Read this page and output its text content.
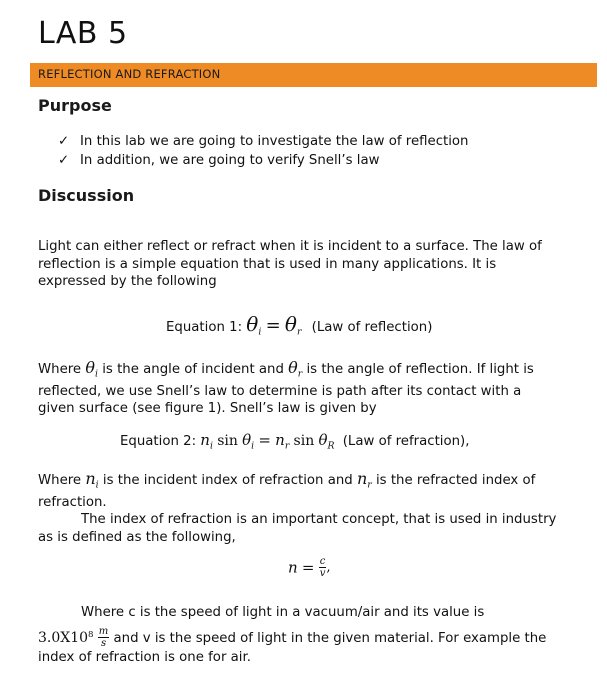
LAB 5
REFLECTION AND REFRACTION
Purpose
✓ In this lab we are going to investigate the law of reflection
✓ In addition, we are going to verify Snell’s law
Discussion
Light can either reflect or refract when it is incident to a surface. The law of
reflection is a simple equation that is used in many applications. It is
expressed by the following
Equation 1: $\theta_i = \theta_r$ (Law of reflection)
Where $\theta_i$ is the angle of incident and $\theta_r$ is the angle of reflection. If light is
reflected, we use Snell’s law to determine is path after its contact with a
given surface (see figure 1). Snell’s law is given by
Equation 2: $n_i$ $\sin \theta_i = n_r$ $\sin \theta_R$ (Law of refraction),
Where $n_i$ is the incident index of refraction and $n_r$ is the refracted index of
refraction.
The index of refraction is an important concept, that is used in industry
as is defined as the following,
$n = \frac{c}{v}$ ,
Where c is the speed of light in a vacuum/air and its value is
$3.0X10^8 \frac{m}{s}$ and v is the speed of light in the given material. For example the
index of refraction is one for air.
